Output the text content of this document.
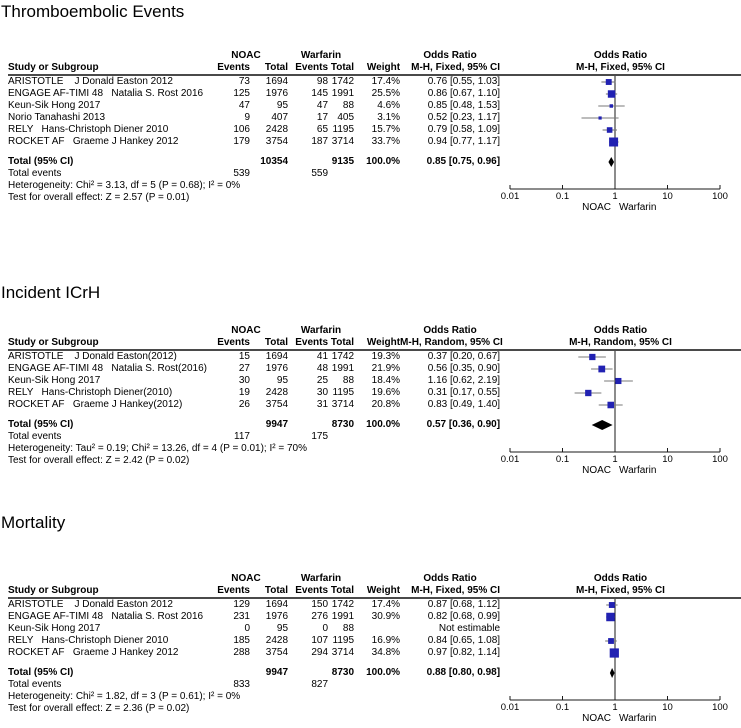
Thromboembolic Events
	NOAC		Warfarin			Odds Ratio
Study or Subgroup	Events	Total	Events	Total	Weight	M-H, Fixed, 95% CI
ARISTOTLE    J Donald Easton 2012	73	1694	98	1742	17.4%	0.76 [0.55, 1.03]
ENGAGE AF-TIMI 48   Natalia S. Rost 2016	125	1976	145	1991	25.5%	0.86 [0.67, 1.10]
Keun-Sik Hong 2017	47	95	47	88	4.6%	0.85 [0.48, 1.53]
Norio Tanahashi 2013	9	407	17	405	3.1%	0.52 [0.23, 1.17]
RELY   Hans-Christoph Diener 2010	106	2428	65	1195	15.7%	0.79 [0.58, 1.09]
ROCKET AF   Graeme J Hankey 2012	179	3754	187	3714	33.7%	0.94 [0.77, 1.17]

Total (95% CI)		10354		9135	100.0%	0.85 [0.75, 0.96]
Total events	539		559			
Heterogeneity: Chi² = 3.13, df = 5 (P = 0.68); I² = 0%						
Test for overall effect: Z = 2.57 (P = 0.01)						
Odds Ratio
M-H, Fixed, 95% CI
0.01	0.1	1	10	100
NOAC Warfarin
Incident ICrH
	NOAC		Warfarin			Odds Ratio
Study or Subgroup	Events	Total	Events	Total	Weight	M-H, Random, 95% CI
ARISTOTLE    J Donald Easton(2012)	15	1694	41	1742	19.3%	0.37 [0.20, 0.67]
ENGAGE AF-TIMI 48   Natalia S. Rost(2016)	27	1976	48	1991	21.9%	0.56 [0.35, 0.90]
Keun-Sik Hong 2017	30	95	25	88	18.4%	1.16 [0.62, 2.19]
RELY   Hans-Christoph Diener(2010)	19	2428	30	1195	19.6%	0.31 [0.17, 0.55]
ROCKET AF   Graeme J Hankey(2012)	26	3754	31	3714	20.8%	0.83 [0.49, 1.40]

Total (95% CI)		9947		8730	100.0%	0.57 [0.36, 0.90]
Total events	117		175			
Heterogeneity: Tau² = 0.19; Chi² = 13.26, df = 4 (P = 0.01); I² = 70%						
Test for overall effect: Z = 2.42 (P = 0.02)						
Odds Ratio
M-H, Random, 95% CI
0.01	0.1	1	10	100
NOAC Warfarin
Mortality
	NOAC		Warfarin			Odds Ratio
Study or Subgroup	Events	Total	Events	Total	Weight	M-H, Fixed, 95% CI
ARISTOTLE    J Donald Easton 2012	129	1694	150	1742	17.4%	0.87 [0.68, 1.12]
ENGAGE AF-TIMI 48   Natalia S. Rost 2016	231	1976	276	1991	30.9%	0.82 [0.68, 0.99]
Keun-Sik Hong 2017	0	95	0	88		Not estimable
RELY   Hans-Christoph Diener 2010	185	2428	107	1195	16.9%	0.84 [0.65, 1.08]
ROCKET AF   Graeme J Hankey 2012	288	3754	294	3714	34.8%	0.97 [0.82, 1.14]

Total (95% CI)		9947		8730	100.0%	0.88 [0.80, 0.98]
Total events	833		827			
Heterogeneity: Chi² = 1.82, df = 3 (P = 0.61); I² = 0%						
Test for overall effect: Z = 2.36 (P = 0.02)						
Odds Ratio
M-H, Fixed, 95% CI
0.01	0.1	1	10	100
NOAC Warfarin
